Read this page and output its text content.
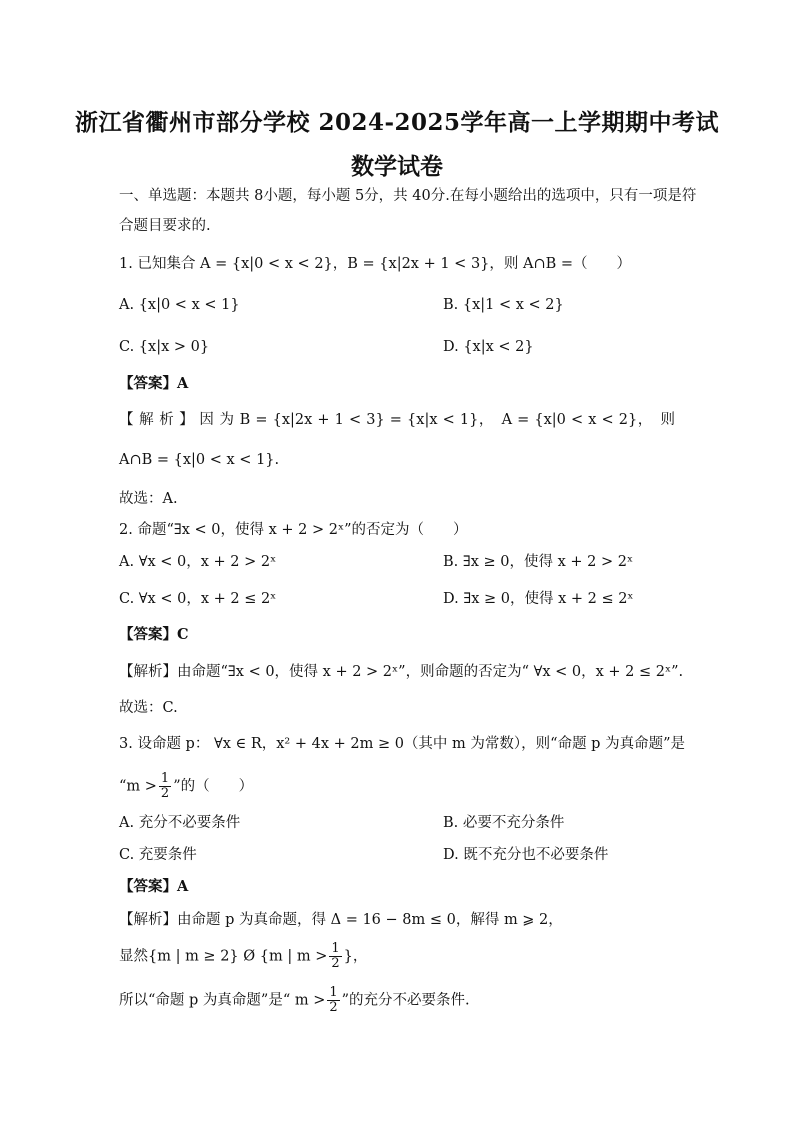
浙江省衢州市部分学校 2024-2025学年高一上学期期中考试
数学试卷
一、单选题：本题共 8小题，每小题 5分，共 40分.在每小题给出的选项中，只有一项是符
合题目要求的.
1. 已知集合 A = {x|0 < x < 2}，B = {x|2x + 1 < 3}，则 A∩B =（　　）
A. {x|0 < x < 1}	B. {x|1 < x < 2}
C. {x|x > 0}	D. {x|x < 2}
【答案】A
【 解 析 】 因 为 B = {x|2x + 1 < 3} = {x|x < 1}，　A = {x|0 < x < 2}，　则
A∩B = {x|0 < x < 1}.
故选：A.
2. 命题“∃x < 0，使得 x + 2 > 2ˣ”的否定为（　　）
A. ∀x < 0，x + 2 > 2ˣ	B. ∃x ≥ 0，使得 x + 2 > 2ˣ
C. ∀x < 0，x + 2 ≤ 2ˣ	D. ∃x ≥ 0，使得 x + 2 ≤ 2ˣ
【答案】C
【解析】由命题“∃x < 0，使得 x + 2 > 2ˣ”，则命题的否定为“ ∀x < 0，x + 2 ≤ 2ˣ”.
故选：C.
3. 设命题 p： ∀x ∈ R，x² + 4x + 2m ≥ 0（其中 m 为常数），则“命题 p 为真命题”是
“$m > \frac{1}{2}$ ”的（　　）
A. 充分不必要条件	B. 必要不充分条件
C. 充要条件	D. 既不充分也不必要条件
【答案】A
【解析】由命题 p 为真命题，得 Δ = 16 − 8m ≤ 0，解得 m ⩾ 2，
显然{m | m ≥ 2} Ø {m | $m > \frac{1}{2}$ }，
所以“命题 p 为真命题”是“ $m > \frac{1}{2}$ ”的充分不必要条件.
